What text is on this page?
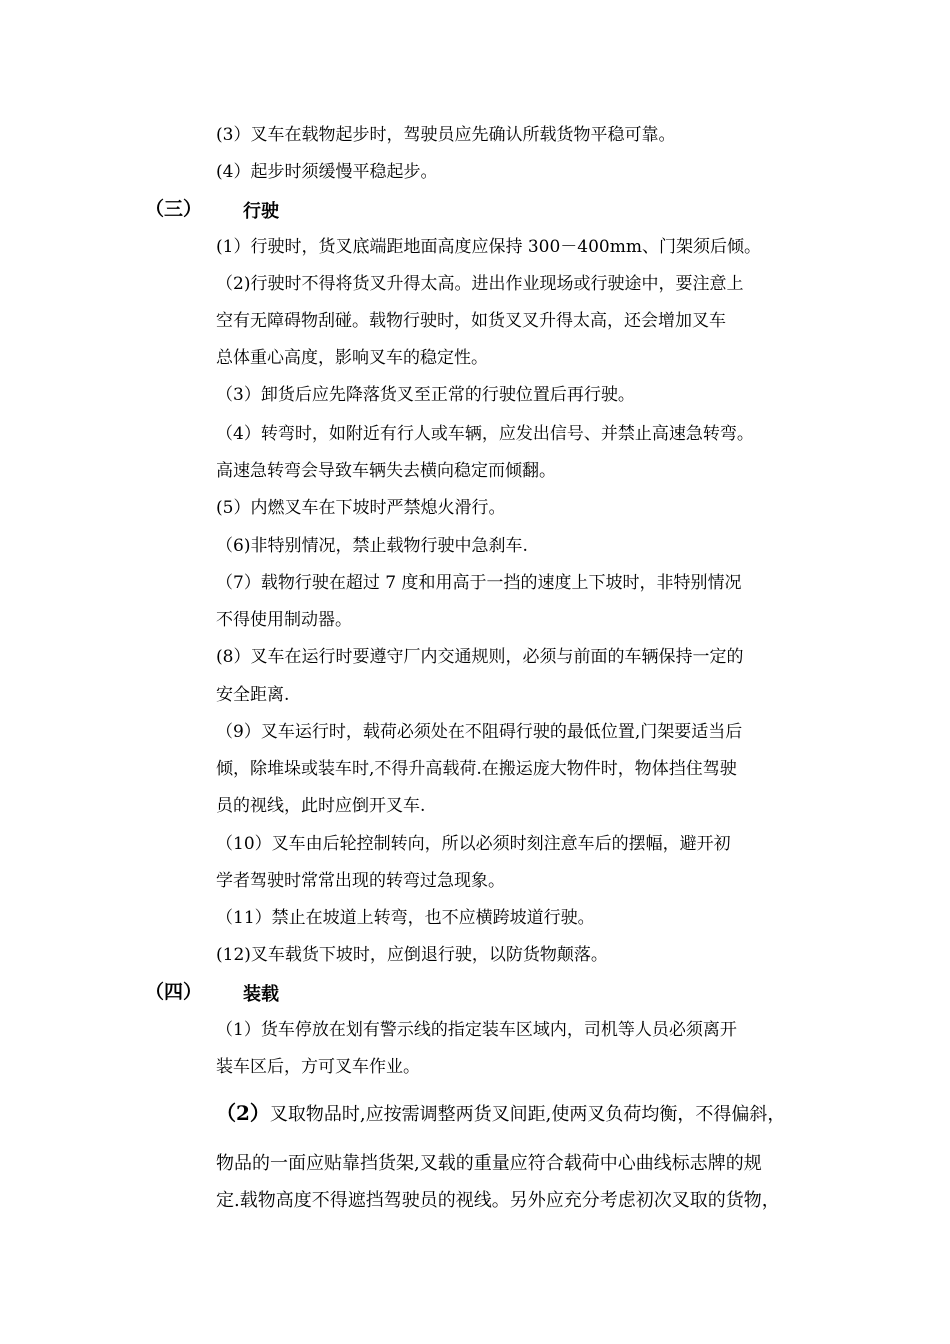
(3）叉车在载物起步时，驾驶员应先确认所载货物平稳可靠。
(4）起步时须缓慢平稳起步。
（三） 行驶
(1）行驶时，货叉底端距地面高度应保持 300－400mm、门架须后倾。
（2)行驶时不得将货叉升得太高。进出作业现场或行驶途中，要注意上
空有无障碍物刮碰。载物行驶时，如货叉叉升得太高，还会增加叉车
总体重心高度，影响叉车的稳定性。
（3）卸货后应先降落货叉至正常的行驶位置后再行驶。
（4）转弯时，如附近有行人或车辆，应发出信号、并禁止高速急转弯。
高速急转弯会导致车辆失去横向稳定而倾翻。
(5）内燃叉车在下坡时严禁熄火滑行。
（6)非特别情况，禁止载物行驶中急刹车.
（7）载物行驶在超过 7 度和用高于一挡的速度上下坡时，非特别情况
不得使用制动器。
(8）叉车在运行时要遵守厂内交通规则，必须与前面的车辆保持一定的
安全距离.
（9）叉车运行时，载荷必须处在不阻碍行驶的最低位置,门架要适当后
倾，除堆垛或装车时,不得升高载荷.在搬运庞大物件时，物体挡住驾驶
员的视线，此时应倒开叉车.
（10）叉车由后轮控制转向，所以必须时刻注意车后的摆幅，避开初
学者驾驶时常常出现的转弯过急现象。
（11）禁止在坡道上转弯，也不应横跨坡道行驶。
(12)叉车载货下坡时，应倒退行驶，以防货物颠落。
（四） 装载
（1）货车停放在划有警示线的指定装车区域内，司机等人员必须离开
装车区后，方可叉车作业。
（2）叉取物品时,应按需调整两货叉间距,使两叉负荷均衡，不得偏斜，
物品的一面应贴靠挡货架,叉载的重量应符合载荷中心曲线标志牌的规
定.载物高度不得遮挡驾驶员的视线。另外应充分考虑初次叉取的货物，
